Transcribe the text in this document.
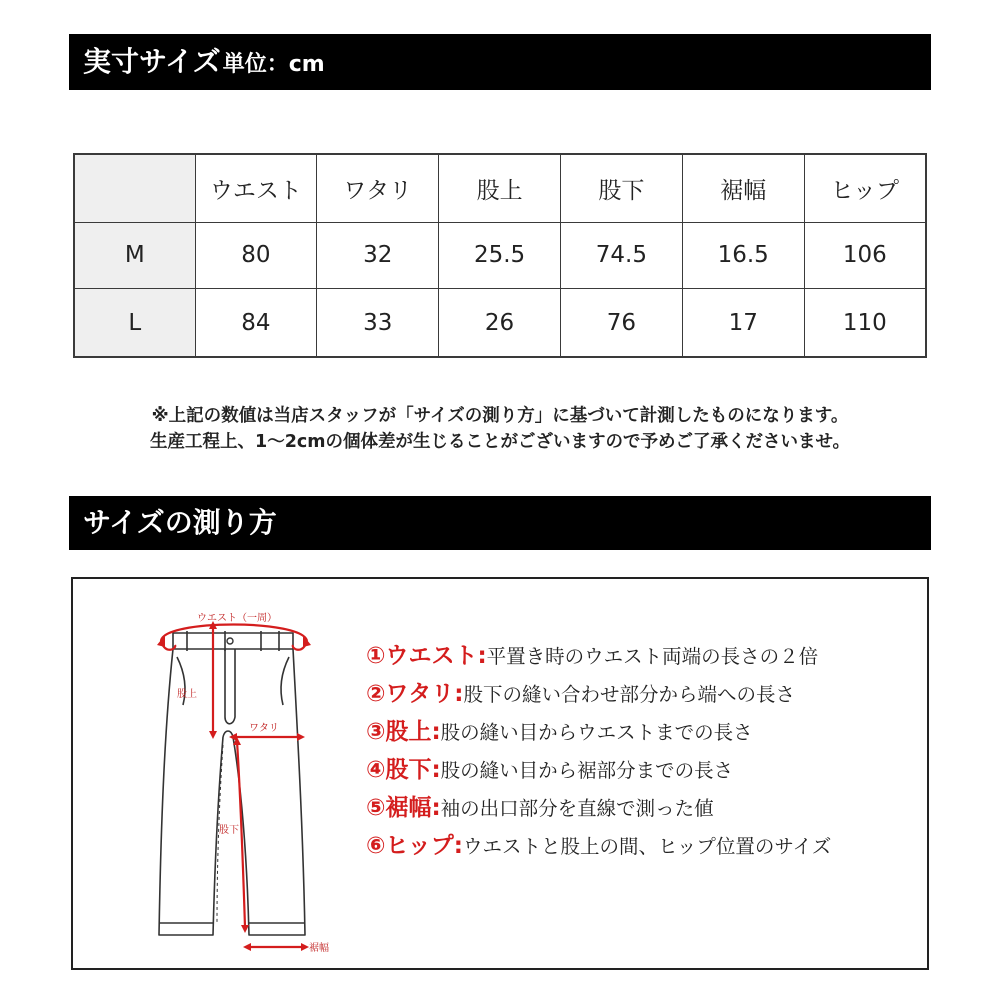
実寸サイズ単位：cm
	ウエスト	ワタリ	股上	股下	裾幅	ヒップ
M	80	32	25.5	74.5	16.5	106
L	84	33	26	76	17	110
※上記の数値は当店スタッフが「サイズの測り方」に基づいて計測したものになります。
生産工程上、1〜2cmの個体差が生じることがございますので予めご了承くださいませ。
サイズの測り方
ウエスト（一周）
股上
ワタリ
股下
裾幅
①ウエスト:平置き時のウエスト両端の長さの２倍
②ワタリ:股下の縫い合わせ部分から端への長さ
③股上:股の縫い目からウエストまでの長さ
④股下:股の縫い目から裾部分までの長さ
⑤裾幅:袖の出口部分を直線で測った値
⑥ヒップ:ウエストと股上の間、ヒップ位置のサイズ
